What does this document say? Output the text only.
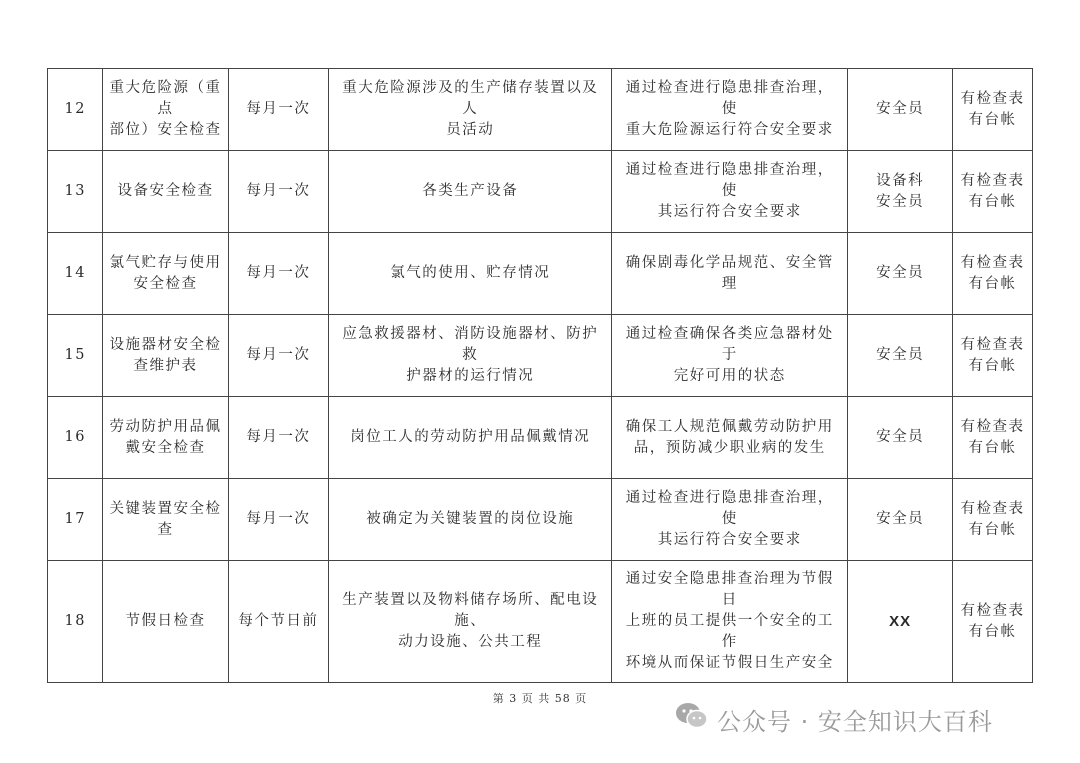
12	重大危险源（重点
部位）安全检查	每月一次	重大危险源涉及的生产储存装置以及人
员活动	通过检查进行隐患排查治理，使
重大危险源运行符合安全要求	安全员	有检查表
有台帐

13	设备安全检查	每月一次	各类生产设备	通过检查进行隐患排查治理，使
其运行符合安全要求	设备科
安全员	有检查表
有台帐

14	氯气贮存与使用
安全检查	每月一次	氯气的使用、贮存情况	确保剧毒化学品规范、安全管理	安全员	有检查表
有台帐

15	设施器材安全检
查维护表	每月一次	应急救援器材、消防设施器材、防护救
护器材的运行情况	通过检查确保各类应急器材处于
完好可用的状态	安全员	有检查表
有台帐

16	劳动防护用品佩
戴安全检查	每月一次	岗位工人的劳动防护用品佩戴情况	确保工人规范佩戴劳动防护用
品，预防减少职业病的发生	安全员	有检查表
有台帐

17	关键装置安全检
查	每月一次	被确定为关键装置的岗位设施	通过检查进行隐患排查治理，使
其运行符合安全要求	安全员	有检查表
有台帐

18	节假日检查	每个节日前	生产装置以及物料储存场所、配电设施、
动力设施、公共工程	通过安全隐患排查治理为节假日
上班的员工提供一个安全的工作
环境从而保证节假日生产安全	XX	有检查表
有台帐
第 3 页 共 58 页
公众号 · 安全知识大百科
